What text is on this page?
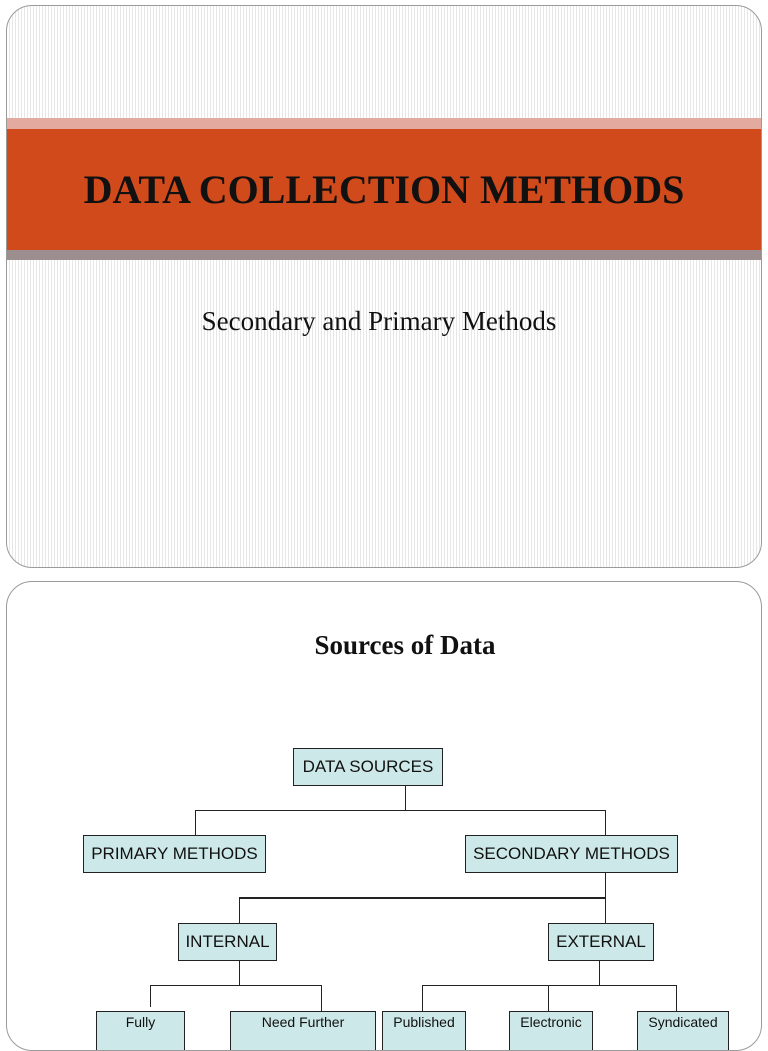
DATA COLLECTION METHODS
Secondary and Primary Methods
Sources of Data
DATA SOURCES
PRIMARY METHODS	SECONDARY METHODS
INTERNAL	EXTERNAL
Fully	Need Further	Published	Electronic	Syndicated
